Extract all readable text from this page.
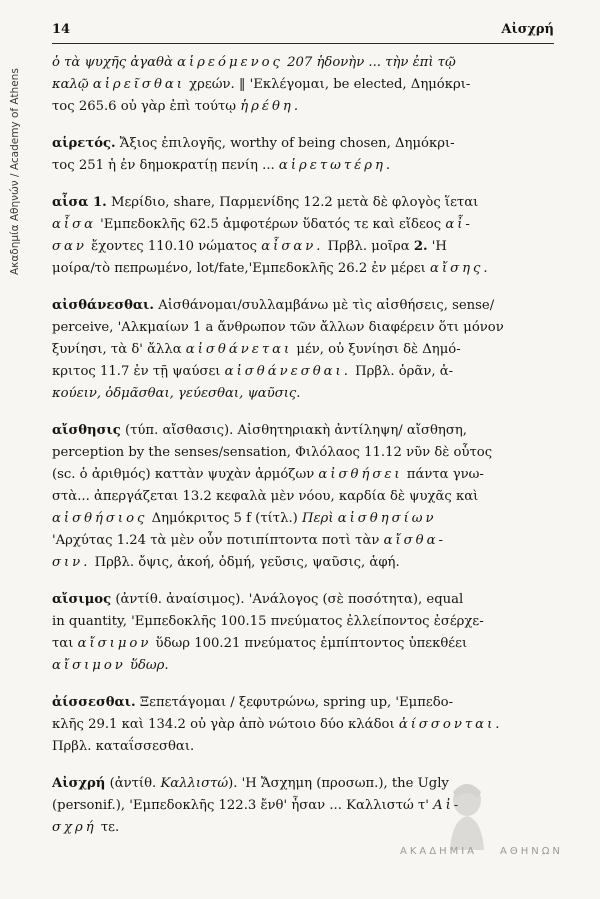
Ακαδημία Αθηνών / Academy of Athens
14	Αἰσχρή

ὁ τὰ ψυχῆς ἀγαθὰ αἱρεόμενος 207 ἡδονὴν ... τὴν ἐπὶ τῷ

καλῷ αἱρεῖσθαι χρεών. ‖ 'Εκλέγομαι, be elected, Δημόκρι-

τος 265.6 οὐ γὰρ ἐπὶ τούτῳ ἡρέθη.

αἱρετός. Ἄξιος ἐπιλογῆς, worthy of being chosen, Δημόκρι-

τος 251 ἡ ἐν δημοκρατίῃ πενίη ... αἱρετωτέρη.

αἶσα 1. Μερίδιο, share, Παρμενίδης 12.2 μετὰ δὲ φλογὸς ἵεται

αἶσα 'Εμπεδοκλῆς 62.5 ἀμφοτέρων ὕδατός τε καὶ εἴδεος αἶ-

σαν ἔχοντες 110.10 νώματος αἶσαν. Πρβλ. μοῖρα 2. 'Η

μοίρα/τὸ πεπρωμένο, lot/fate,'Εμπεδοκλῆς 26.2 ἐν μέρει αἴσης.

αἰσθάνεσθαι. Αἰσθάνομαι/συλλαμβάνω μὲ τὶς αἰσθήσεις, sense/

perceive, 'Αλκμαίων 1 a ἄνθρωπον τῶν ἄλλων διαφέρειν ὅτι μόνον

ξυνίησι, τὰ δ' ἄλλα αἰσθάνεται μέν, οὐ ξυνίησι δὲ Δημό-

κριτος 11.7 ἐν τῇ ψαύσει αἰσθάνεσθαι. Πρβλ. ὁρᾶν, ἀ-

κούειν, ὀδμᾶσθαι, γεύεσθαι, ψαῦσις.

αἴσθησις (τύπ. αἴσθασις). Αἰσθητηριακὴ ἀντίληψη/ αἴσθηση,

perception by the senses/sensation, Φιλόλαος 11.12 νῦν δὲ οὗτος

(sc. ὁ ἀριθμός) καττὰν ψυχὰν ἁρμόζων αἰσθήσει πάντα γνω-

στὰ... ἀπεργάζεται 13.2 κεφαλὰ μὲν νόου, καρδία δὲ ψυχᾶς καὶ

αἰσθήσιος Δημόκριτος 5 f (τίτλ.) Περὶ αἰσθησίων

'Αρχύτας 1.24 τὰ μὲν οὖν ποτιπίπτοντα ποτὶ τὰν αἴσθα-

σιν. Πρβλ. ὄψις, ἀκοή, ὀδμή, γεῦσις, ψαῦσις, ἁφή.

αἴσιμος (ἀντίθ. ἀναίσιμος). 'Ανάλογος (σὲ ποσότητα), equal

in quantity, 'Εμπεδοκλῆς 100.15 πνεύματος ἐλλείποντος ἐσέρχε-

ται αἴσιμον ὕδωρ 100.21 πνεύματος ἐμπίπτοντος ὑπεκθέει

αἴσιμον ὕδωρ.

ἀίσσεσθαι. Ξεπετάγομαι / ξεφυτρώνω, spring up, 'Εμπεδο-

κλῆς 29.1 καὶ 134.2 οὐ γὰρ ἀπὸ νώτοιο δύο κλάδοι ἀίσσονται.

Πρβλ. καταΐσσεσθαι.

Αἰσχρή (ἀντίθ. Καλλιστώ). 'Η Ἄσχημη (προσωπ.), the Ugly

(personif.), 'Εμπεδοκλῆς 122.3 ἔνθ' ἦσαν ... Καλλιστώ τ' Αἰ-

σχρή τε.

ΑΚΑΔΗΜΙΑ ΑΘΗΝΩΝ
